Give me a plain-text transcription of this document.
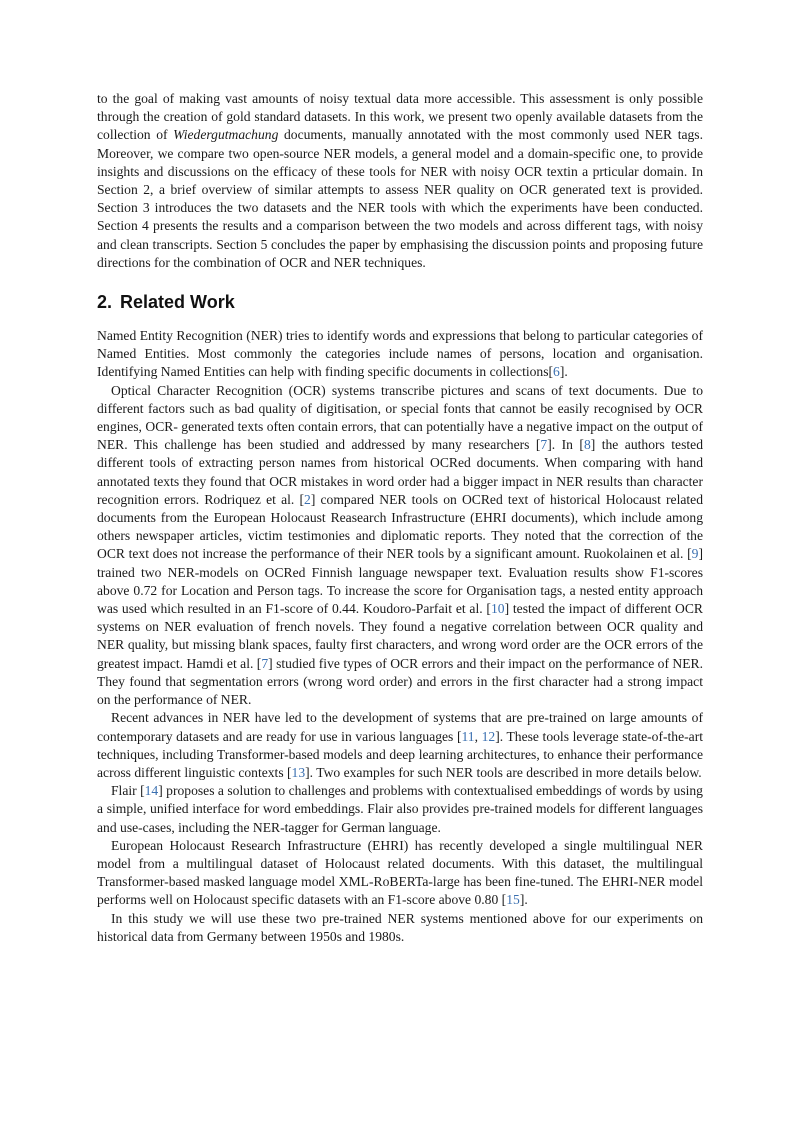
to the goal of making vast amounts of noisy textual data more accessible. This assessment is only possible through the creation of gold standard datasets. In this work, we present two openly available datasets from the collection of Wiedergutmachung documents, manually annotated with the most commonly used NER tags. Moreover, we compare two open-source NER models, a general model and a domain-specific one, to provide insights and discussions on the efficacy of these tools for NER with noisy OCR textin a prticular domain. In Section 2, a brief overview of similar attempts to assess NER quality on OCR generated text is provided. Section 3 introduces the two datasets and the NER tools with which the experiments have been conducted. Section 4 presents the results and a comparison between the two models and across different tags, with noisy and clean transcripts. Section 5 concludes the paper by emphasising the discussion points and proposing future directions for the combination of OCR and NER techniques.

2. Related Work

Named Entity Recognition (NER) tries to identify words and expressions that belong to particular categories of Named Entities. Most commonly the categories include names of persons, location and organisation. Identifying Named Entities can help with finding specific documents in collections[6].

Optical Character Recognition (OCR) systems transcribe pictures and scans of text documents. Due to different factors such as bad quality of digitisation, or special fonts that cannot be easily recognised by OCR engines, OCR- generated texts often contain errors, that can potentially have a negative impact on the output of NER. This challenge has been studied and addressed by many researchers [7]. In [8] the authors tested different tools of extracting person names from historical OCRed documents. When comparing with hand annotated texts they found that OCR mistakes in word order had a bigger impact in NER results than character recognition errors. Rodriquez et al. [2] compared NER tools on OCRed text of historical Holocaust related documents from the European Holocaust Reasearch Infrastructure (EHRI documents), which include among others newspaper articles, victim testimonies and diplomatic reports. They noted that the correction of the OCR text does not increase the performance of their NER tools by a significant amount. Ruokolainen et al. [9] trained two NER-models on OCRed Finnish language newspaper text. Evaluation results show F1-scores above 0.72 for Location and Person tags. To increase the score for Organisation tags, a nested entity approach was used which resulted in an F1-score of 0.44. Koudoro-Parfait et al. [10] tested the impact of different OCR systems on NER evaluation of french novels. They found a negative correlation between OCR quality and NER quality, but missing blank spaces, faulty first characters, and wrong word order are the OCR errors of the greatest impact. Hamdi et al. [7] studied five types of OCR errors and their impact on the performance of NER. They found that segmentation errors (wrong word order) and errors in the first character had a strong impact on the performance of NER.

Recent advances in NER have led to the development of systems that are pre-trained on large amounts of contemporary datasets and are ready for use in various languages [11, 12]. These tools leverage state-of-the-art techniques, including Transformer-based models and deep learning architectures, to enhance their performance across different linguistic contexts [13]. Two examples for such NER tools are described in more details below.

Flair [14] proposes a solution to challenges and problems with contextualised embeddings of words by using a simple, unified interface for word embeddings. Flair also provides pre-trained models for different languages and use-cases, including the NER-tagger for German language.

European Holocaust Research Infrastructure (EHRI) has recently developed a single multilingual NER model from a multilingual dataset of Holocaust related documents. With this dataset, the multilingual Transformer-based masked language model XML-RoBERTa-large has been fine-tuned. The EHRI-NER model performs well on Holocaust specific datasets with an F1-score above 0.80 [15].

In this study we will use these two pre-trained NER systems mentioned above for our experiments on historical data from Germany between 1950s and 1980s.
